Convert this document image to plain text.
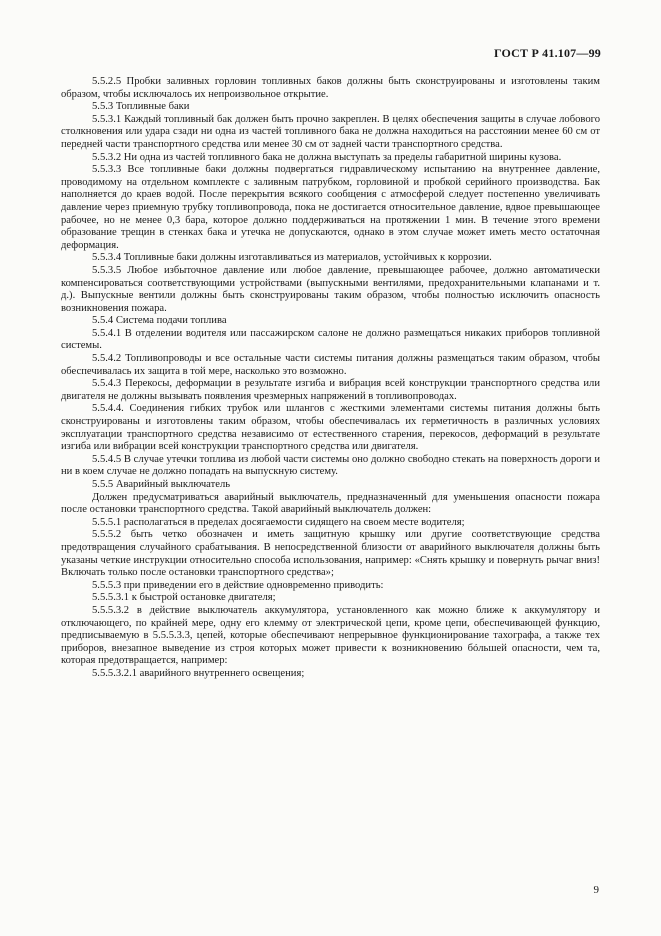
ГОСТ Р 41.107—99

5.5.2.5 Пробки заливных горловин топливных баков должны быть сконструированы и изготовлены таким образом, чтобы исключалось их непроизвольное открытие.

5.5.3 Топливные баки

5.5.3.1 Каждый топливный бак должен быть прочно закреплен. В целях обеспечения защиты в случае лобового столкновения или удара сзади ни одна из частей топливного бака не должна находиться на расстоянии менее 60 см от передней части транспортного средства или менее 30 см от задней части транспортного средства.

5.5.3.2 Ни одна из частей топливного бака не должна выступать за пределы габаритной ширины кузова.

5.5.3.3 Все топливные баки должны подвергаться гидравлическому испытанию на внутреннее давление, проводимому на отдельном комплекте с заливным патрубком, горловиной и пробкой серийного производства. Бак наполняется до краев водой. После перекрытия всякого сообщения с атмосферой следует постепенно увеличивать давление через приемную трубку топливопровода, пока не достигается относительное давление, вдвое превышающее рабочее, но не менее 0,3 бара, которое должно поддерживаться на протяжении 1 мин. В течение этого времени образование трещин в стенках бака и утечка не допускаются, однако в этом случае может иметь место остаточная деформация.

5.5.3.4 Топливные баки должны изготавливаться из материалов, устойчивых к коррозии.

5.5.3.5 Любое избыточное давление или любое давление, превышающее рабочее, должно автоматически компенсироваться соответствующими устройствами (выпускными вентилями, предохранительными клапанами и т. д.). Выпускные вентили должны быть сконструированы таким образом, чтобы полностью исключить опасность возникновения пожара.

5.5.4 Система подачи топлива

5.5.4.1 В отделении водителя или пассажирском салоне не должно размещаться никаких приборов топливной системы.

5.5.4.2 Топливопроводы и все остальные части системы питания должны размещаться таким образом, чтобы обеспечивалась их защита в той мере, насколько это возможно.

5.5.4.3 Перекосы, деформации в результате изгиба и вибрация всей конструкции транспортного средства или двигателя не должны вызывать появления чрезмерных напряжений в топливопроводах.

5.5.4.4. Соединения гибких трубок или шлангов с жесткими элементами системы питания должны быть сконструированы и изготовлены таким образом, чтобы обеспечивалась их герметичность в различных условиях эксплуатации транспортного средства независимо от естественного старения, перекосов, деформаций в результате изгиба или вибрации всей конструкции транспортного средства или двигателя.

5.5.4.5 В случае утечки топлива из любой части системы оно должно свободно стекать на поверхность дороги и ни в коем случае не должно попадать на выпускную систему.

5.5.5 Аварийный выключатель

Должен предусматриваться аварийный выключатель, предназначенный для уменьшения опасности пожара после остановки транспортного средства. Такой аварийный выключатель должен:

5.5.5.1 располагаться в пределах досягаемости сидящего на своем месте водителя;

5.5.5.2 быть четко обозначен и иметь защитную крышку или другие соответствующие средства предотвращения случайного срабатывания. В непосредственной близости от аварийного выключателя должны быть указаны четкие инструкции относительно способа использования, например: «Снять крышку и повернуть рычаг вниз! Включать только после остановки транспортного средства»;

5.5.5.3 при приведении его в действие одновременно приводить:

5.5.5.3.1 к быстрой остановке двигателя;

5.5.5.3.2 в действие выключатель аккумулятора, установленного как можно ближе к аккумулятору и отключающего, по крайней мере, одну его клемму от электрической цепи, кроме цепи, обеспечивающей функцию, предписываемую в 5.5.5.3.3, цепей, которые обеспечивают непрерывное функционирование тахографа, а также тех приборов, внезапное выведение из строя которых может привести к возникновению бóльшей опасности, чем та, которая предотвращается, например:

5.5.5.3.2.1 аварийного внутреннего освещения;

9
